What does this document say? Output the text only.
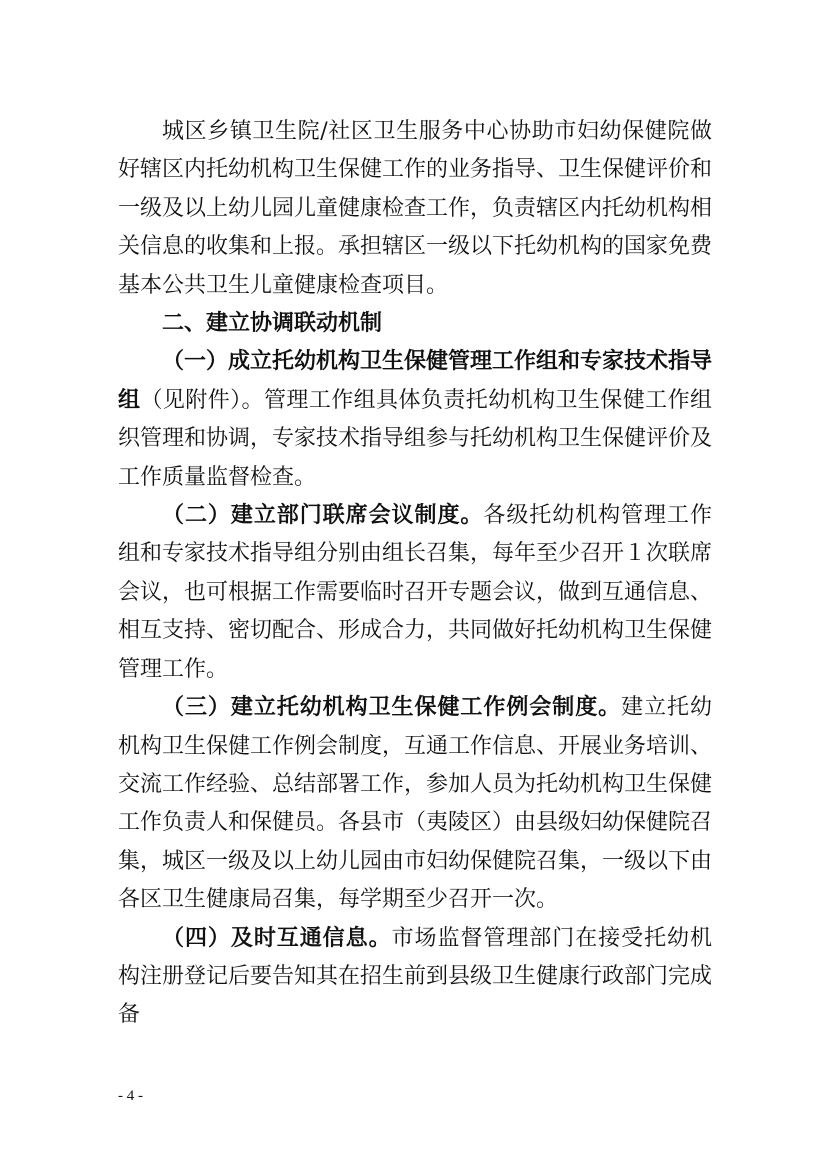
城区乡镇卫生院/社区卫生服务中心协助市妇幼保健院做好辖区内托幼机构卫生保健工作的业务指导、卫生保健评价和一级及以上幼儿园儿童健康检查工作，负责辖区内托幼机构相关信息的收集和上报。承担辖区一级以下托幼机构的国家免费基本公共卫生儿童健康检查项目。

二、建立协调联动机制

（一）成立托幼机构卫生保健管理工作组和专家技术指导组（见附件）。管理工作组具体负责托幼机构卫生保健工作组织管理和协调，专家技术指导组参与托幼机构卫生保健评价及工作质量监督检查。

（二）建立部门联席会议制度。各级托幼机构管理工作组和专家技术指导组分别由组长召集，每年至少召开１次联席会议，也可根据工作需要临时召开专题会议，做到互通信息、相互支持、密切配合、形成合力，共同做好托幼机构卫生保健管理工作。

（三）建立托幼机构卫生保健工作例会制度。建立托幼机构卫生保健工作例会制度，互通工作信息、开展业务培训、交流工作经验、总结部署工作，参加人员为托幼机构卫生保健工作负责人和保健员。各县市（夷陵区）由县级妇幼保健院召集，城区一级及以上幼儿园由市妇幼保健院召集，一级以下由各区卫生健康局召集，每学期至少召开一次。

（四）及时互通信息。市场监督管理部门在接受托幼机构注册登记后要告知其在招生前到县级卫生健康行政部门完成备

- 4 -
